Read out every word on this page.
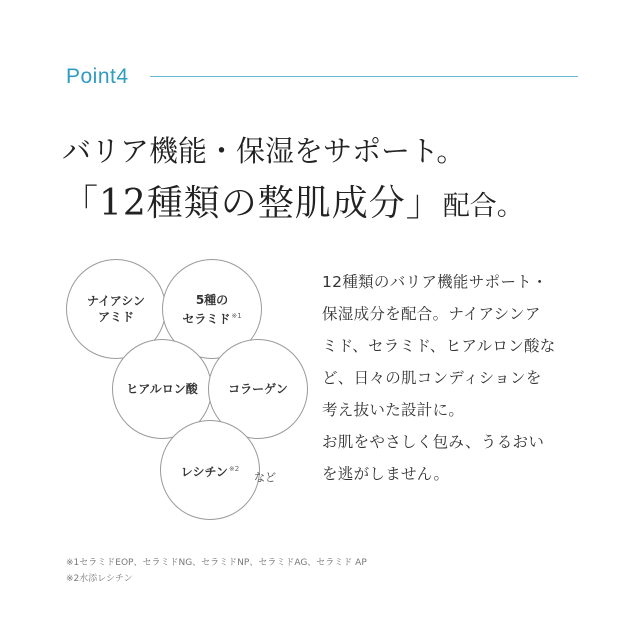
Point4
バリア機能・保湿をサポート。
「12種類の整肌成分」配合。
ナイアシン
アミド
5種の
セラミド$^{※1}$
ヒアルロン酸	コラーゲン
レシチン$^{※2}$
など

12種類のバリア機能サポート・
保湿成分を配合。ナイアシンア
ミド、セラミド、ヒアルロン酸な
ど、日々の肌コンディションを
考え抜いた設計に。
お肌をやさしく包み、うるおい
を逃がしません。

※1セラミドEOP、セラミドNG、セラミドNP、セラミドAG、セラミド AP
※2水添レシチン
